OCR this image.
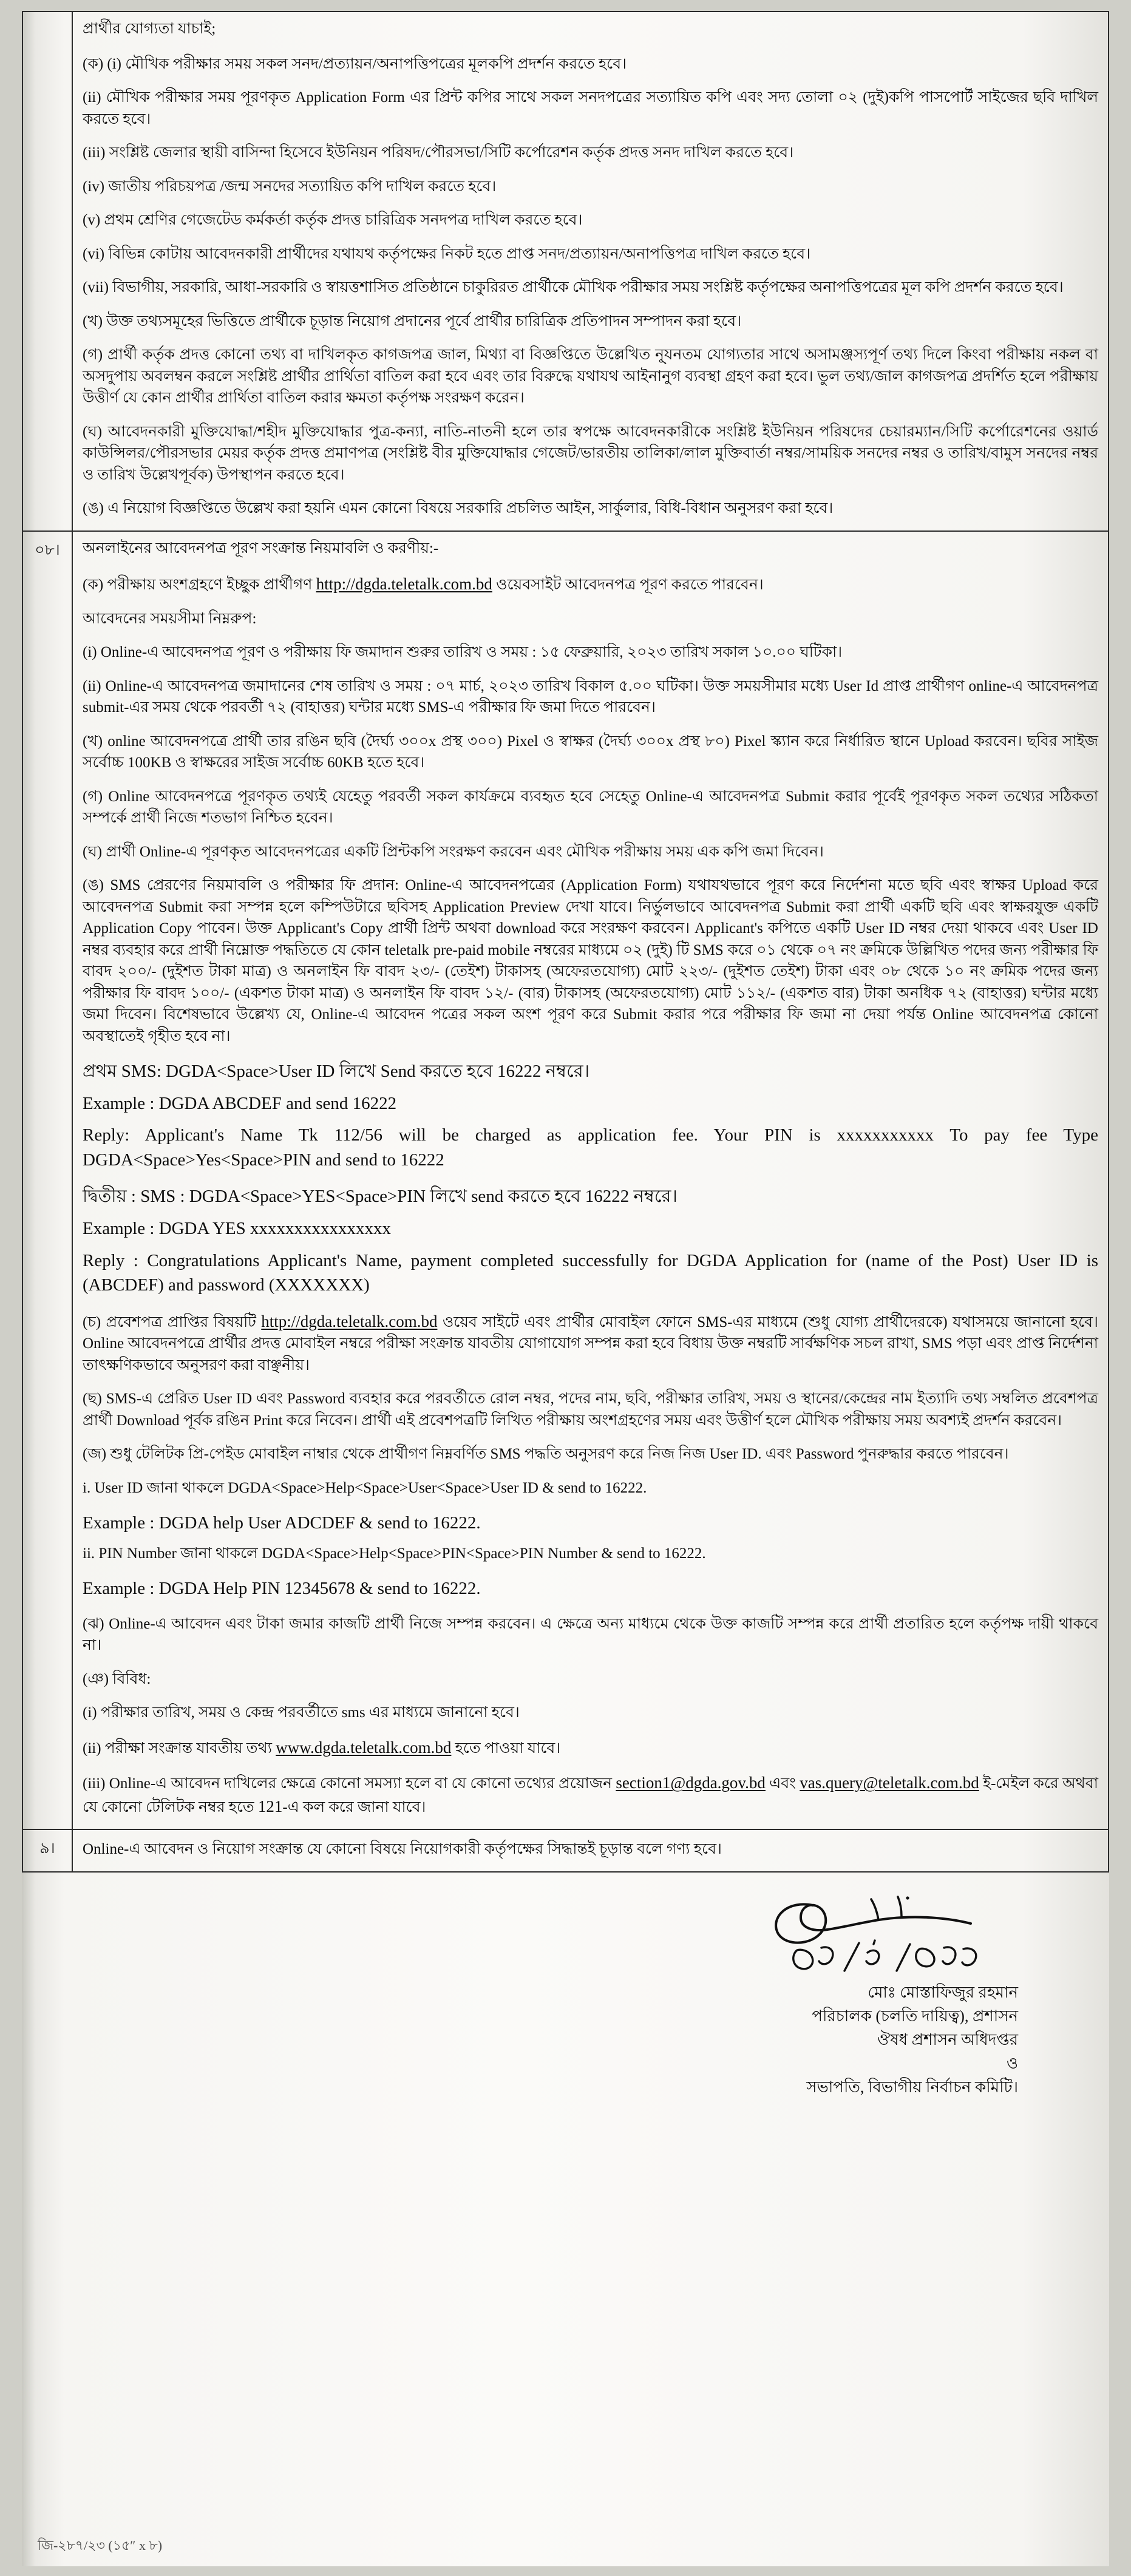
প্রার্থীর যোগ্যতা যাচাই;

(ক) (i) মৌখিক পরীক্ষার সময় সকল সনদ/প্রত্যায়ন/অনাপত্তিপত্রের মূলকপি প্রদর্শন করতে হবে।

(ii) মৌখিক পরীক্ষার সময় পূরণকৃত Application Form এর প্রিন্ট কপির সাথে সকল সনদপত্রের সত্যায়িত কপি এবং সদ্য তোলা ০২ (দুই)কপি পাসপোর্ট সাইজের ছবি দাখিল করতে হবে।

(iii) সংশ্লিষ্ট জেলার স্থায়ী বাসিন্দা হিসেবে ইউনিয়ন পরিষদ/পৌরসভা/সিটি কর্পোরেশন কর্তৃক প্রদত্ত সনদ দাখিল করতে হবে।

(iv) জাতীয় পরিচয়পত্র /জন্ম সনদের সত্যায়িত কপি দাখিল করতে হবে।

(v) প্রথম শ্রেণির গেজেটেড কর্মকর্তা কর্তৃক প্রদত্ত চারিত্রিক সনদপত্র দাখিল করতে হবে।

(vi) বিভিন্ন কোটায় আবেদনকারী প্রার্থীদের যথাযথ কর্তৃপক্ষের নিকট হতে প্রাপ্ত সনদ/প্রত্যায়ন/অনাপত্তিপত্র দাখিল করতে হবে।

(vii) বিভাগীয়, সরকারি, আধা-সরকারি ও স্বায়ত্তশাসিত প্রতিষ্ঠানে চাকুরিরত প্রার্থীকে মৌখিক পরীক্ষার সময় সংশ্লিষ্ট কর্তৃপক্ষের অনাপত্তিপত্রের মূল কপি প্রদর্শন করতে হবে।

(খ) উক্ত তথ্যসমূহের ভিত্তিতে প্রার্থীকে চূড়ান্ত নিয়োগ প্রদানের পূর্বে প্রার্থীর চারিত্রিক প্রতিপাদন সম্পাদন করা হবে।

(গ) প্রার্থী কর্তৃক প্রদত্ত কোনো তথ্য বা দাখিলকৃত কাগজপত্র জাল, মিথ্যা বা বিজ্ঞপ্তিতে উল্লেখিত নূ্যনতম যোগ্যতার সাথে অসামঞ্জস্যপূর্ণ তথ্য দিলে কিংবা পরীক্ষায় নকল বা অসদুপায় অবলম্বন করলে সংশ্লিষ্ট প্রার্থীর প্রার্থিতা বাতিল করা হবে এবং তার বিরুদ্ধে যথাযথ আইনানুগ ব্যবস্থা গ্রহণ করা হবে। ভুল তথ্য/জাল কাগজপত্র প্রদর্শিত হলে পরীক্ষায় উত্তীর্ণ যে কোন প্রার্থীর প্রার্থিতা বাতিল করার ক্ষমতা কর্তৃপক্ষ সংরক্ষণ করেন।

(ঘ) আবেদনকারী মুক্তিযোদ্ধা/শহীদ মুক্তিযোদ্ধার পুত্র-কন্যা, নাতি-নাতনী হলে তার স্বপক্ষে আবেদনকারীকে সংশ্লিষ্ট ইউনিয়ন পরিষদের চেয়ারম্যান/সিটি কর্পোরেশনের ওয়ার্ড কাউন্সিলর/পৌরসভার মেয়র কর্তৃক প্রদত্ত প্রমাণপত্র (সংশ্লিষ্ট বীর মুক্তিযোদ্ধার গেজেট/ভারতীয় তালিকা/লাল মুক্তিবার্তা নম্বর/সাময়িক সনদের নম্বর ও তারিখ/বামুস সনদের নম্বর ও তারিখ উল্লেখপূর্বক) উপস্থাপন করতে হবে।

(ঙ) এ নিয়োগ বিজ্ঞপ্তিতে উল্লেখ করা হয়নি এমন কোনো বিষয়ে সরকারি প্রচলিত আইন, সার্কুলার, বিধি-বিধান অনুসরণ করা হবে।

০৮।	অনলাইনের আবেদনপত্র পূরণ সংক্রান্ত নিয়মাবলি ও করণীয়:-

(ক) পরীক্ষায় অংশগ্রহণে ইচ্ছুক প্রার্থীগণ http://dgda.teletalk.com.bd ওয়েবসাইট আবেদনপত্র পূরণ করতে পারবেন।

আবেদনের সময়সীমা নিম্নরুপ:

(i) Online-এ আবেদনপত্র পূরণ ও পরীক্ষায় ফি জমাদান শুরুর তারিখ ও সময় : ১৫ ফেব্রুয়ারি, ২০২৩ তারিখ সকাল ১০.০০ ঘটিকা।

(ii) Online-এ আবেদনপত্র জমাদানের শেষ তারিখ ও সময় : ০৭ মার্চ, ২০২৩ তারিখ বিকাল ৫.০০ ঘটিকা। উক্ত সময়সীমার মধ্যে User Id প্রাপ্ত প্রার্থীগণ online-এ আবেদনপত্র submit-এর সময় থেকে পরবর্তী ৭২ (বাহাত্তর) ঘন্টার মধ্যে SMS-এ পরীক্ষার ফি জমা দিতে পারবেন।

(খ) online আবেদনপত্রে প্রার্থী তার রঙিন ছবি (দৈর্ঘ্য ৩০০x প্রস্থ ৩০০) Pixel ও স্বাক্ষর (দৈর্ঘ্য ৩০০x প্রস্থ ৮০) Pixel স্ক্যান করে নির্ধারিত স্থানে Upload করবেন। ছবির সাইজ সর্বোচ্চ 100KB ও স্বাক্ষরের সাইজ সর্বোচ্চ 60KB হতে হবে।

(গ) Online আবেদনপত্রে পূরণকৃত তথ্যই যেহেতু পরবর্তী সকল কার্যক্রমে ব্যবহৃত হবে সেহেতু Online-এ আবেদনপত্র Submit করার পূর্বেই পূরণকৃত সকল তথ্যের সঠিকতা সম্পর্কে প্রার্থী নিজে শতভাগ নিশ্চিত হবেন।

(ঘ) প্রার্থী Online-এ পূরণকৃত আবেদনপত্রের একটি প্রিন্টকপি সংরক্ষণ করবেন এবং মৌখিক পরীক্ষায় সময় এক কপি জমা দিবেন।

(ঙ) SMS প্রেরণের নিয়মাবলি ও পরীক্ষার ফি প্রদান: Online-এ আবেদনপত্রের (Application Form) যথাযথভাবে পূরণ করে নির্দেশনা মতে ছবি এবং স্বাক্ষর Upload করে আবেদনপত্র Submit করা সম্পন্ন হলে কম্পিউটারে ছবিসহ Application Preview দেখা যাবে। নির্ভুলভাবে আবেদনপত্র Submit করা প্রার্থী একটি ছবি এবং স্বাক্ষরযুক্ত একটি Application Copy পাবেন। উক্ত Applicant's Copy প্রার্থী প্রিন্ট অথবা download করে সংরক্ষণ করবেন। Applicant's কপিতে একটি User ID নম্বর দেয়া থাকবে এবং User ID নম্বর ব্যবহার করে প্রার্থী নিম্নোক্ত পদ্ধতিতে যে কোন teletalk pre-paid mobile নম্বরের মাধ্যমে ০২ (দুই) টি SMS করে ০১ থেকে ০৭ নং ক্রমিকে উল্লিখিত পদের জন্য পরীক্ষার ফি বাবদ ২০০/- (দুইশত টাকা মাত্র) ও অনলাইন ফি বাবদ ২৩/- (তেইশ) টাকাসহ (অফেরতযোগ্য) মোট ২২৩/- (দুইশত তেইশ) টাকা এবং ০৮ থেকে ১০ নং ক্রমিক পদের জন্য পরীক্ষার ফি বাবদ ১০০/- (একশত টাকা মাত্র) ও অনলাইন ফি বাবদ ১২/- (বার) টাকাসহ (অফেরতযোগ্য) মোট ১১২/- (একশত বার) টাকা অনধিক ৭২ (বাহাত্তর) ঘন্টার মধ্যে জমা দিবেন। বিশেষভাবে উল্লেখ্য যে, Online-এ আবেদন পত্রের সকল অংশ পূরণ করে Submit করার পরে পরীক্ষার ফি জমা না দেয়া পর্যন্ত Online আবেদনপত্র কোনো অবস্থাতেই গৃহীত হবে না।

প্রথম SMS: DGDA<Space>User ID লিখে Send করতে হবে 16222 নম্বরে।

Example : DGDA ABCDEF and send 16222

Reply: Applicant's Name Tk 112/56 will be charged as application fee. Your PIN is xxxxxxxxxxx To pay fee Type DGDA<Space>Yes<Space>PIN and send to 16222

দ্বিতীয় : SMS : DGDA<Space>YES<Space>PIN লিখে send করতে হবে 16222 নম্বরে।

Example : DGDA YES xxxxxxxxxxxxxxxx

Reply : Congratulations Applicant's Name, payment completed successfully for DGDA Application for (name of the Post) User ID is (ABCDEF) and password (XXXXXXX)

(চ) প্রবেশপত্র প্রাপ্তির বিষয়টি http://dgda.teletalk.com.bd ওয়েব সাইটে এবং প্রার্থীর মোবাইল ফোনে SMS-এর মাধ্যমে (শুধু যোগ্য প্রার্থীদেরকে) যথাসময়ে জানানো হবে। Online আবেদনপত্রে প্রার্থীর প্রদত্ত মোবাইল নম্বরে পরীক্ষা সংক্রান্ত যাবতীয় যোগাযোগ সম্পন্ন করা হবে বিধায় উক্ত নম্বরটি সার্বক্ষণিক সচল রাখা, SMS পড়া এবং প্রাপ্ত নির্দেশনা তাৎক্ষণিকভাবে অনুসরণ করা বাঞ্ছনীয়।

(ছ) SMS-এ প্রেরিত User ID এবং Password ব্যবহার করে পরবর্তীতে রোল নম্বর, পদের নাম, ছবি, পরীক্ষার তারিখ, সময় ও স্থানের/কেন্দ্রের নাম ইত্যাদি তথ্য সম্বলিত প্রবেশপত্র প্রার্থী Download পূর্বক রঙিন Print করে নিবেন। প্রার্থী এই প্রবেশপত্রটি লিখিত পরীক্ষায় অংশগ্রহণের সময় এবং উত্তীর্ণ হলে মৌখিক পরীক্ষায় সময় অবশ্যই প্রদর্শন করবেন।

(জ) শুধু টেলিটক প্রি-পেইড মোবাইল নাম্বার থেকে প্রার্থীগণ নিম্নবর্ণিত SMS পদ্ধতি অনুসরণ করে নিজ নিজ User ID. এবং Password পুনরুদ্ধার করতে পারবেন।

i. User ID জানা থাকলে DGDA<Space>Help<Space>User<Space>User ID & send to 16222.

Example : DGDA help User ADCDEF & send to 16222.

ii. PIN Number জানা থাকলে DGDA<Space>Help<Space>PIN<Space>PIN Number & send to 16222.

Example : DGDA Help PIN 12345678 & send to 16222.

(ঝ) Online-এ আবেদন এবং টাকা জমার কাজটি প্রার্থী নিজে সম্পন্ন করবেন। এ ক্ষেত্রে অন্য মাধ্যমে থেকে উক্ত কাজটি সম্পন্ন করে প্রার্থী প্রতারিত হলে কর্তৃপক্ষ দায়ী থাকবে না।

(ঞ) বিবিধ:

(i) পরীক্ষার তারিখ, সময় ও কেন্দ্র পরবর্তীতে sms এর মাধ্যমে জানানো হবে।

(ii) পরীক্ষা সংক্রান্ত যাবতীয় তথ্য www.dgda.teletalk.com.bd হতে পাওয়া যাবে।

(iii) Online-এ আবেদন দাখিলের ক্ষেত্রে কোনো সমস্যা হলে বা যে কোনো তথ্যের প্রয়োজন section1@dgda.gov.bd এবং vas.query@teletalk.com.bd ই-মেইল করে অথবা যে কোনো টেলিটক নম্বর হতে 121-এ কল করে জানা যাবে।

৯।	Online-এ আবেদন ও নিয়োগ সংক্রান্ত যে কোনো বিষয়ে নিয়োগকারী কর্তৃপক্ষের সিদ্ধান্তই চূড়ান্ত বলে গণ্য হবে।

মোঃ মোস্তাফিজুর রহমান

পরিচালক (চলতি দায়িত্ব), প্রশাসন

ঔষধ প্রশাসন অধিদপ্তর

ও

সভাপতি, বিভাগীয় নির্বাচন কমিটি।

জি-২৮৭/২৩ (১৫″ x ৮)
